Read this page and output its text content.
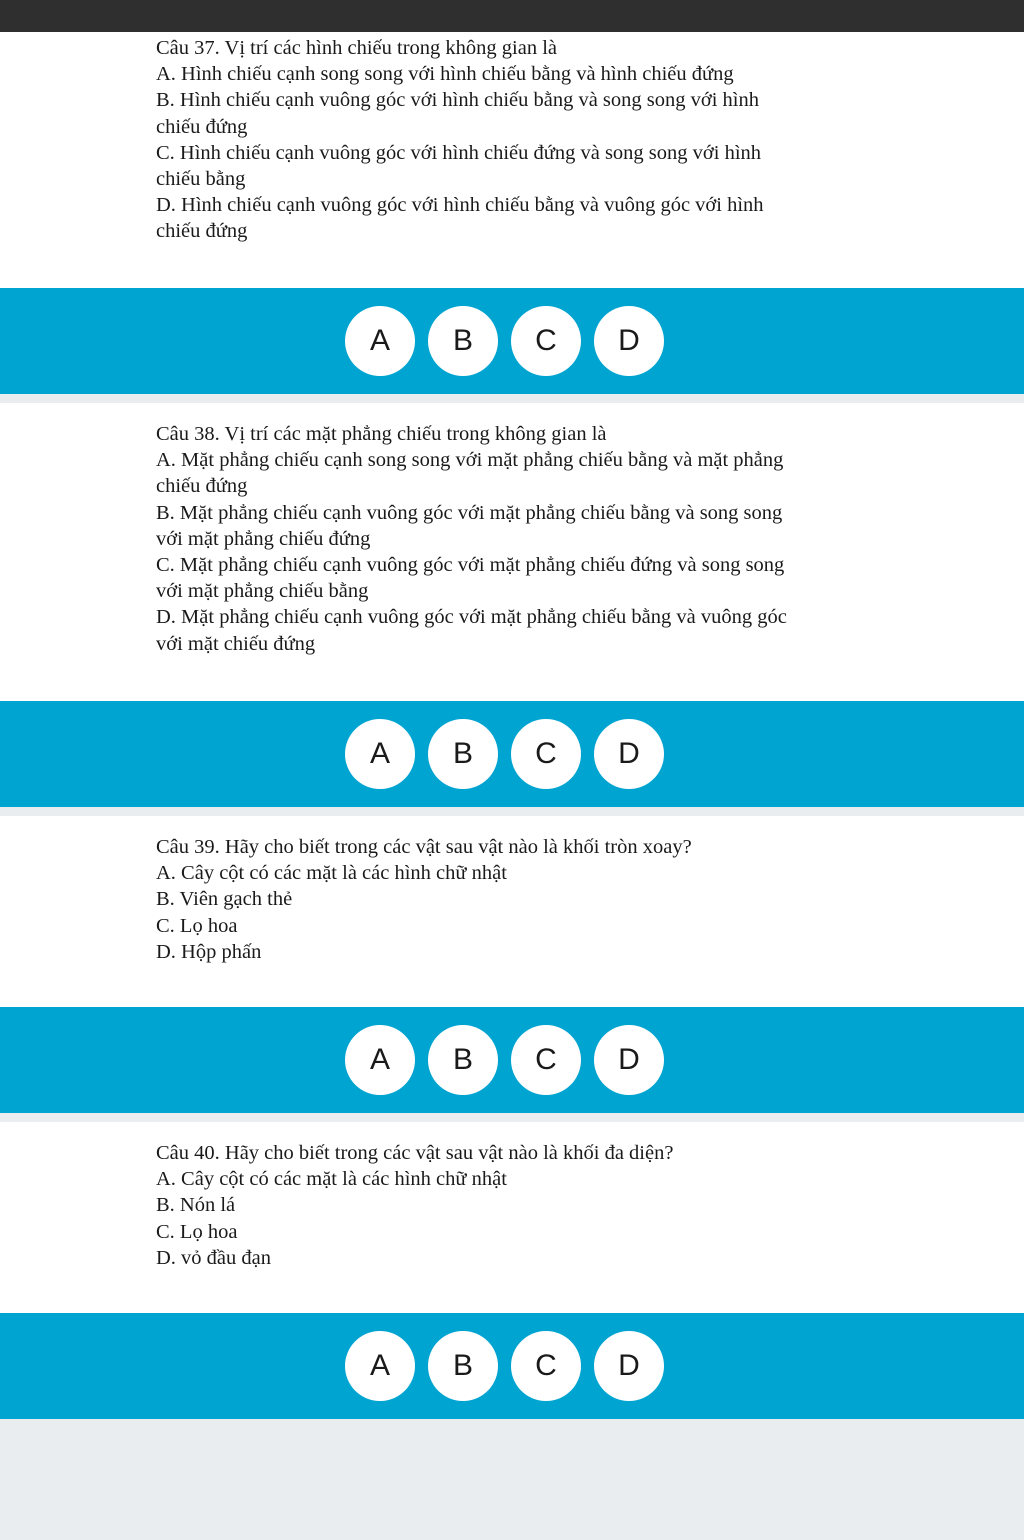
Câu 37. Vị trí các hình chiếu trong không gian là
A. Hình chiếu cạnh song song với hình chiếu bằng và hình chiếu đứng
B. Hình chiếu cạnh vuông góc với hình chiếu bằng và song song với hình
chiếu đứng
C. Hình chiếu cạnh vuông góc với hình chiếu đứng và song song với hình
chiếu bằng
D. Hình chiếu cạnh vuông góc với hình chiếu bằng và vuông góc với hình
chiếu đứng
A	B	C	D
Câu 38. Vị trí các mặt phẳng chiếu trong không gian là
A. Mặt phẳng chiếu cạnh song song với mặt phẳng chiếu bằng và mặt phẳng
chiếu đứng
B. Mặt phẳng chiếu cạnh vuông góc với mặt phẳng chiếu bằng và song song
với mặt phẳng chiếu đứng
C. Mặt phẳng chiếu cạnh vuông góc với mặt phẳng chiếu đứng và song song
với mặt phẳng chiếu bằng
D. Mặt phẳng chiếu cạnh vuông góc với mặt phẳng chiếu bằng và vuông góc
với mặt chiếu đứng
A	B	C	D
Câu 39. Hãy cho biết trong các vật sau vật nào là khối tròn xoay?
A. Cây cột có các mặt là các hình chữ nhật
B. Viên gạch thẻ
C. Lọ hoa
D. Hộp phấn
A	B	C	D
Câu 40. Hãy cho biết trong các vật sau vật nào là khối đa diện?
A. Cây cột có các mặt là các hình chữ nhật
B. Nón lá
C. Lọ hoa
D. vỏ đầu đạn
A	B	C	D
